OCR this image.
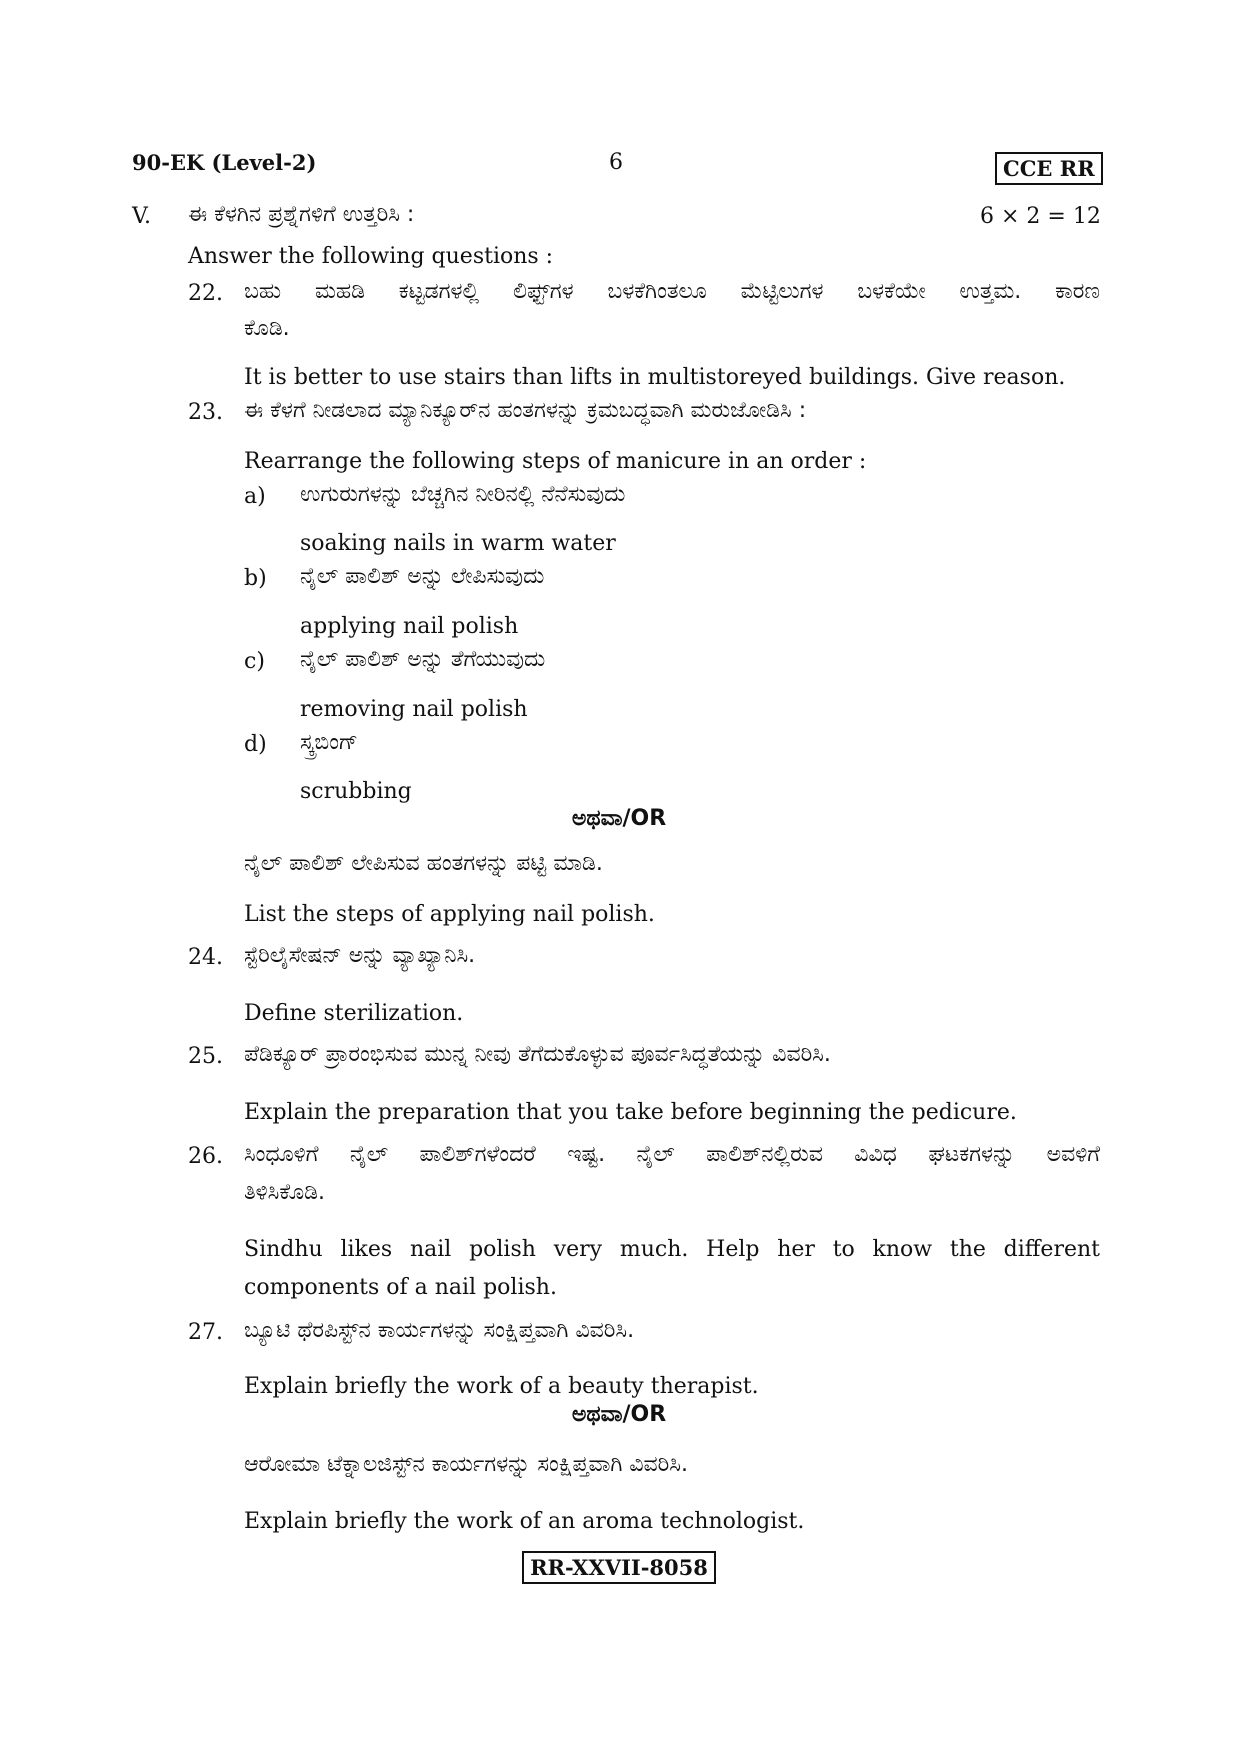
90-EK (Level-2)	6	CCE RR
V. ಈ ಕೆಳಗಿನ ಪ್ರಶ್ನೆಗಳಿಗೆ ಉತ್ತರಿಸಿ :	6 × 2 = 12
Answer the following questions :
22. ಬಹು ಮಹಡಿ ಕಟ್ಟಡಗಳಲ್ಲಿ ಲಿಫ್ಟ್‌ಗಳ ಬಳಕೆಗಿಂತಲೂ ಮೆಟ್ಟಿಲುಗಳ ಬಳಕೆಯೇ ಉತ್ತಮ. ಕಾರಣ
ಕೊಡಿ.
It is better to use stairs than lifts in multistoreyed buildings. Give reason.
23. ಈ ಕೆಳಗೆ ನೀಡಲಾದ ಮ್ಯಾನಿಕ್ಯೂರ್‌ನ ಹಂತಗಳನ್ನು ಕ್ರಮಬದ್ಧವಾಗಿ ಮರುಜೋಡಿಸಿ :
Rearrange the following steps of manicure in an order :
a) ಉಗುರುಗಳನ್ನು ಬೆಚ್ಚಗಿನ ನೀರಿನಲ್ಲಿ ನೆನೆಸುವುದು
soaking nails in warm water
b) ನೈಲ್ ಪಾಲಿಶ್ ಅನ್ನು ಲೇಪಿಸುವುದು
applying nail polish
c) ನೈಲ್ ಪಾಲಿಶ್ ಅನ್ನು ತೆಗೆಯುವುದು
removing nail polish
d) ಸ್ಕ್ರಬಿಂಗ್
scrubbing
ಅಥವಾ/OR
ನೈಲ್ ಪಾಲಿಶ್ ಲೇಪಿಸುವ ಹಂತಗಳನ್ನು ಪಟ್ಟಿ ಮಾಡಿ.
List the steps of applying nail polish.
24. ಸ್ಟೆರಿಲೈಸೇಷನ್ ಅನ್ನು ವ್ಯಾಖ್ಯಾನಿಸಿ.
Define sterilization.
25. ಪೆಡಿಕ್ಯೂರ್ ಪ್ರಾರಂಭಿಸುವ ಮುನ್ನ ನೀವು ತೆಗೆದುಕೊಳ್ಳುವ ಪೂರ್ವಸಿದ್ಧತೆಯನ್ನು ವಿವರಿಸಿ.
Explain the preparation that you take before beginning the pedicure.
26. ಸಿಂಧೂಳಿಗೆ ನೈಲ್ ಪಾಲಿಶ್‌ಗಳೆಂದರೆ ಇಷ್ಟ. ನೈಲ್ ಪಾಲಿಶ್‌ನಲ್ಲಿರುವ ವಿವಿಧ ಘಟಕಗಳನ್ನು ಅವಳಿಗೆ
ತಿಳಿಸಿಕೊಡಿ.
Sindhu likes nail polish very much. Help her to know the different
components of a nail polish.
27. ಬ್ಯೂಟಿ ಥೆರಪಿಸ್ಟ್‌ನ ಕಾರ್ಯಗಳನ್ನು ಸಂಕ್ಷಿಪ್ತವಾಗಿ ವಿವರಿಸಿ.
Explain briefly the work of a beauty therapist.
ಅಥವಾ/OR
ಆರೋಮಾ ಟೆಕ್ನಾಲಜಿಸ್ಟ್‌ನ ಕಾರ್ಯಗಳನ್ನು ಸಂಕ್ಷಿಪ್ತವಾಗಿ ವಿವರಿಸಿ.
Explain briefly the work of an aroma technologist.
RR-XXVII-8058
